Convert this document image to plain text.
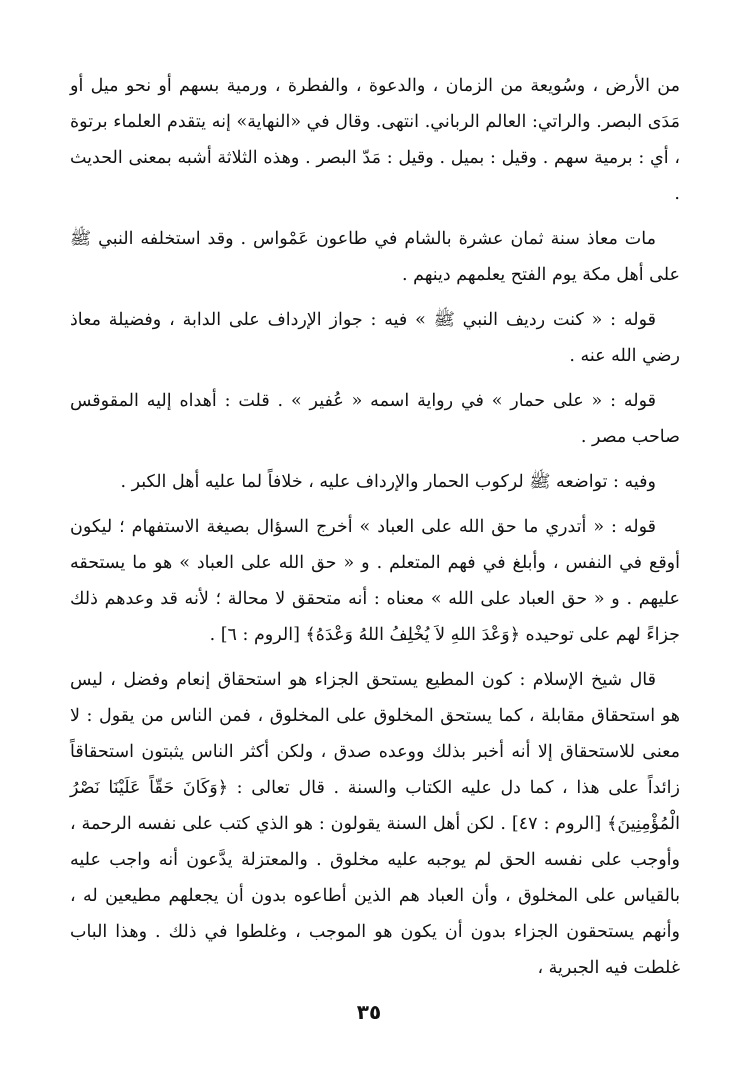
من الأرض ، وسُويعة من الزمان ، والدعوة ، والفطرة ، ورمية بسهم أو نحو ميل أو مَدَى البصر. والراتي: العالم الرباني. انتهى. وقال في «النهاية» إنه يتقدم العلماء برتوة ، أي : برمية سهم . وقيل : بميل . وقيل : مَدّ البصر . وهذه الثلاثة أشبه بمعنى الحديث .

مات معاذ سنة ثمان عشرة بالشام في طاعون عَمْواس . وقد استخلفه النبي ﷺ على أهل مكة يوم الفتح يعلمهم دينهم .

قوله : « كنت رديف النبي ﷺ » فيه : جواز الإرداف على الدابة ، وفضيلة معاذ رضي الله عنه .

قوله : « على حمار » في رواية اسمه « عُفير » . قلت : أهداه إليه المقوقس صاحب مصر .

وفيه : تواضعه ﷺ لركوب الحمار والإرداف عليه ، خلافاً لما عليه أهل الكبر .

قوله : « أتدري ما حق الله على العباد » أخرج السؤال بصيغة الاستفهام ؛ ليكون أوقع في النفس ، وأبلغ في فهم المتعلم . و « حق الله على العباد » هو ما يستحقه عليهم . و « حق العباد على الله » معناه : أنه متحقق لا محالة ؛ لأنه قد وعدهم ذلك جزاءً لهم على توحيده ﴿وَعْدَ اللهِ لاَ يُخْلِفُ اللهُ وَعْدَهُ﴾ [الروم : ٦] .

قال شيخ الإسلام : كون المطيع يستحق الجزاء هو استحقاق إنعام وفضل ، ليس هو استحقاق مقابلة ، كما يستحق المخلوق على المخلوق ، فمن الناس من يقول : لا معنى للاستحقاق إلا أنه أخبر بذلك ووعده صدق ، ولكن أكثر الناس يثبتون استحقاقاً زائداً على هذا ، كما دل عليه الكتاب والسنة . قال تعالى : ﴿وَكَانَ حَقّاً عَلَيْنَا نَصْرُ الْمُؤْمِنِينَ﴾ [الروم : ٤٧] . لكن أهل السنة يقولون : هو الذي كتب على نفسه الرحمة ، وأوجب على نفسه الحق لم يوجبه عليه مخلوق . والمعتزلة يدَّعون أنه واجب عليه بالقياس على المخلوق ، وأن العباد هم الذين أطاعوه بدون أن يجعلهم مطيعين له ، وأنهم يستحقون الجزاء بدون أن يكون هو الموجب ، وغلطوا في ذلك . وهذا الباب غلطت فيه الجبرية ،

٣٥
